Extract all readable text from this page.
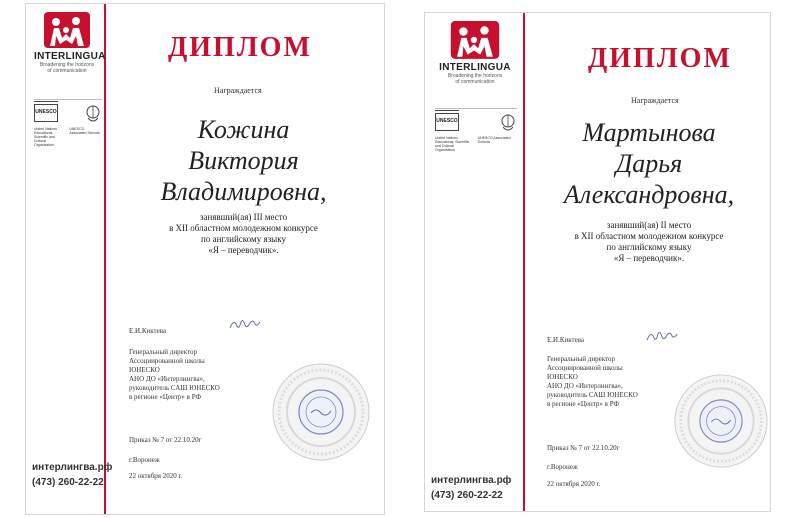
INTERLINGUA
Broadening the horizons
of communication
UNESCO
United Nations Educational, Scientific and Cultural Organization
UNESCO Associated Schools
интерлингва.рф
(473) 260-22-22
ДИПЛОМ
Награждается
Кожина
Виктория
Владимировна,
занявший(ая) III место
в XII областном молодежном конкурсе
по английскому языку
«Я – переводчик».
Е.И.Киктева
Генеральный директор
Ассоциированной школы
ЮНЕСКО
АНО ДО «Интерлингва»,
руководитель САШ ЮНЕСКО
в регионе «Центр» в РФ
Приказ № 7 от 22.10.20г
г.Воронеж
22 октября 2020 г.
INTERLINGUA
Broadening the horizons
of communication
UNESCO
United Nations Educational, Scientific and Cultural Organization
UNESCO Associated Schools
интерлингва.рф
(473) 260-22-22
ДИПЛОМ
Награждается
Мартынова
Дарья
Александровна,
занявший(ая) II место
в XII областном молодежном конкурсе
по английскому языку
«Я – переводчик».
Е.И.Киктева
Генеральный директор
Ассоциированной школы
ЮНЕСКО
АНО ДО «Интерлингва»,
руководитель САШ ЮНЕСКО
в регионе «Центр» в РФ
Приказ № 7 от 22.10.20г
г.Воронеж
22 октября 2020 г.
